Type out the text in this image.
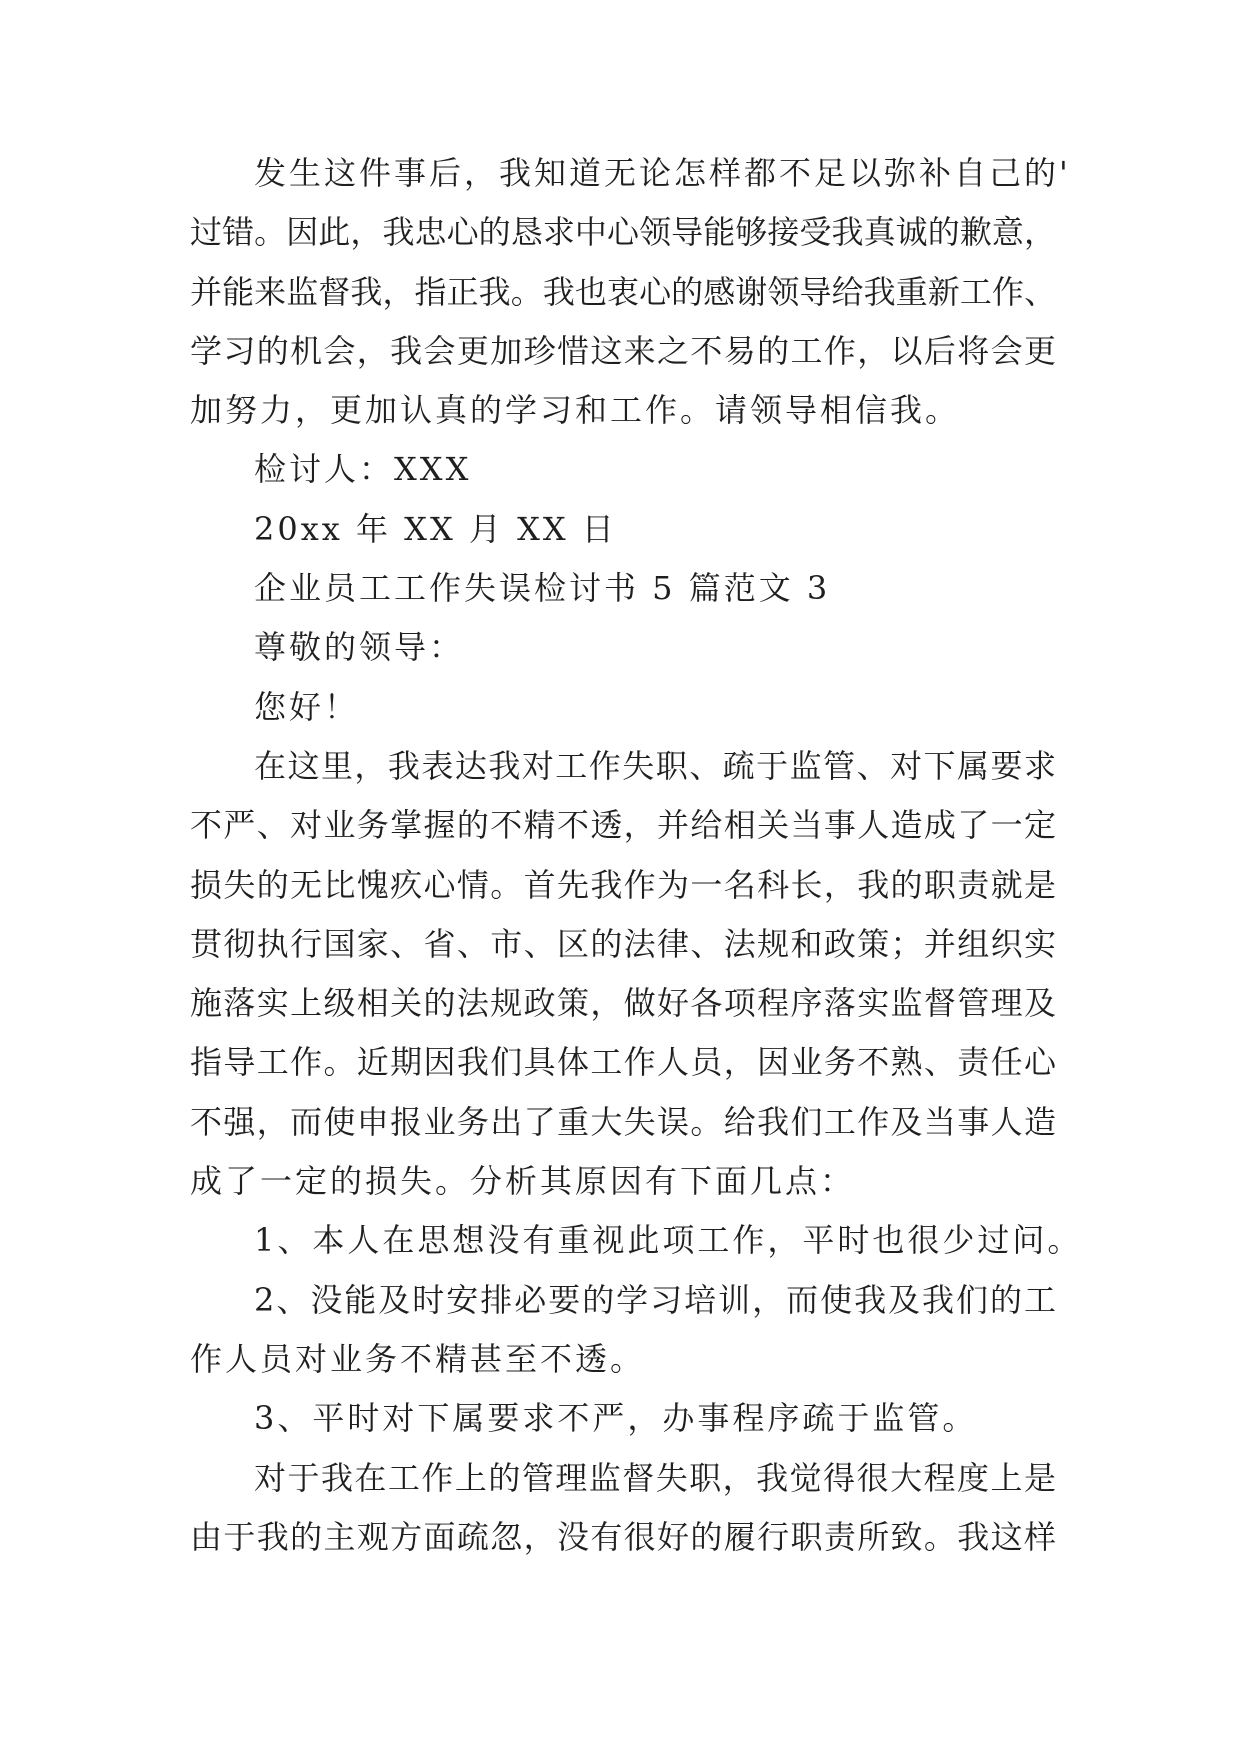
发生这件事后，我知道无论怎样都不足以弥补自己的'
过错。因此，我忠心的恳求中心领导能够接受我真诚的歉意，
并能来监督我，指正我。我也衷心的感谢领导给我重新工作、
学习的机会，我会更加珍惜这来之不易的工作，以后将会更
加努力，更加认真的学习和工作。请领导相信我。
检讨人：XXX
20xx 年 XX 月 XX 日
企业员工工作失误检讨书 5 篇范文 3
尊敬的领导：
您好！
在这里，我表达我对工作失职、疏于监管、对下属要求
不严、对业务掌握的不精不透，并给相关当事人造成了一定
损失的无比愧疚心情。首先我作为一名科长，我的职责就是
贯彻执行国家、省、市、区的法律、法规和政策；并组织实
施落实上级相关的法规政策，做好各项程序落实监督管理及
指导工作。近期因我们具体工作人员，因业务不熟、责任心
不强，而使申报业务出了重大失误。给我们工作及当事人造
成了一定的损失。分析其原因有下面几点：
1、本人在思想没有重视此项工作，平时也很少过问。
2、没能及时安排必要的学习培训，而使我及我们的工
作人员对业务不精甚至不透。
3、平时对下属要求不严，办事程序疏于监管。
对于我在工作上的管理监督失职，我觉得很大程度上是
由于我的主观方面疏忽，没有很好的履行职责所致。我这样
